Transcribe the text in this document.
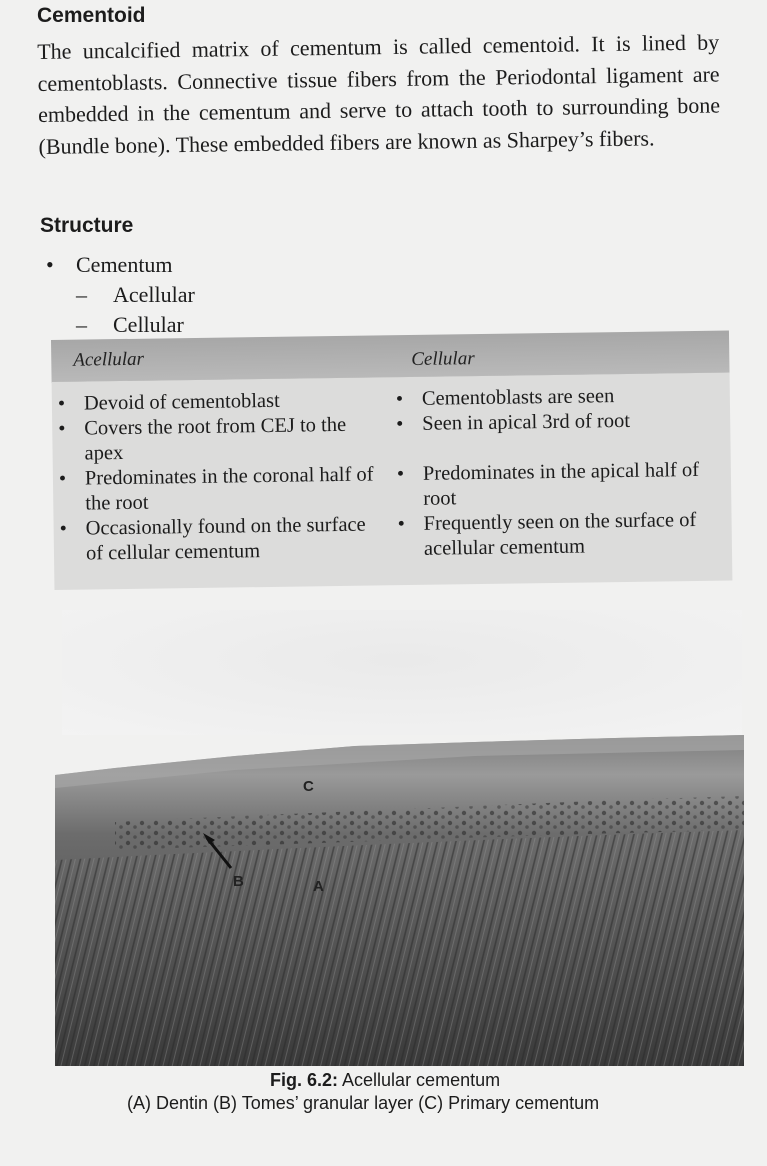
Cementoid

The uncalcified matrix of cementum is called cementoid. It is lined by cementoblasts. Connective tissue fibers from the Periodontal ligament are embedded in the cementum and serve to attach tooth to surrounding bone (Bundle bone). These embedded fibers are known as Sharpey’s fibers.

Structure
• Cementum
– Acellular
– Cellular
Acellular	Cellular

• Devoid of cementoblast

• Covers the root from CEJ to the apex

• Predominates in the coronal half of the root

• Occasionally found on the surface of cellular cementum

• Cementoblasts are seen

• Seen in apical 3rd of root

• Predominates in the apical half of root

• Frequently seen on the surface of acellular cementum

C
B	A
Fig. 6.2: Acellular cementum
(A) Dentin (B) Tomes’ granular layer (C) Primary cementum
